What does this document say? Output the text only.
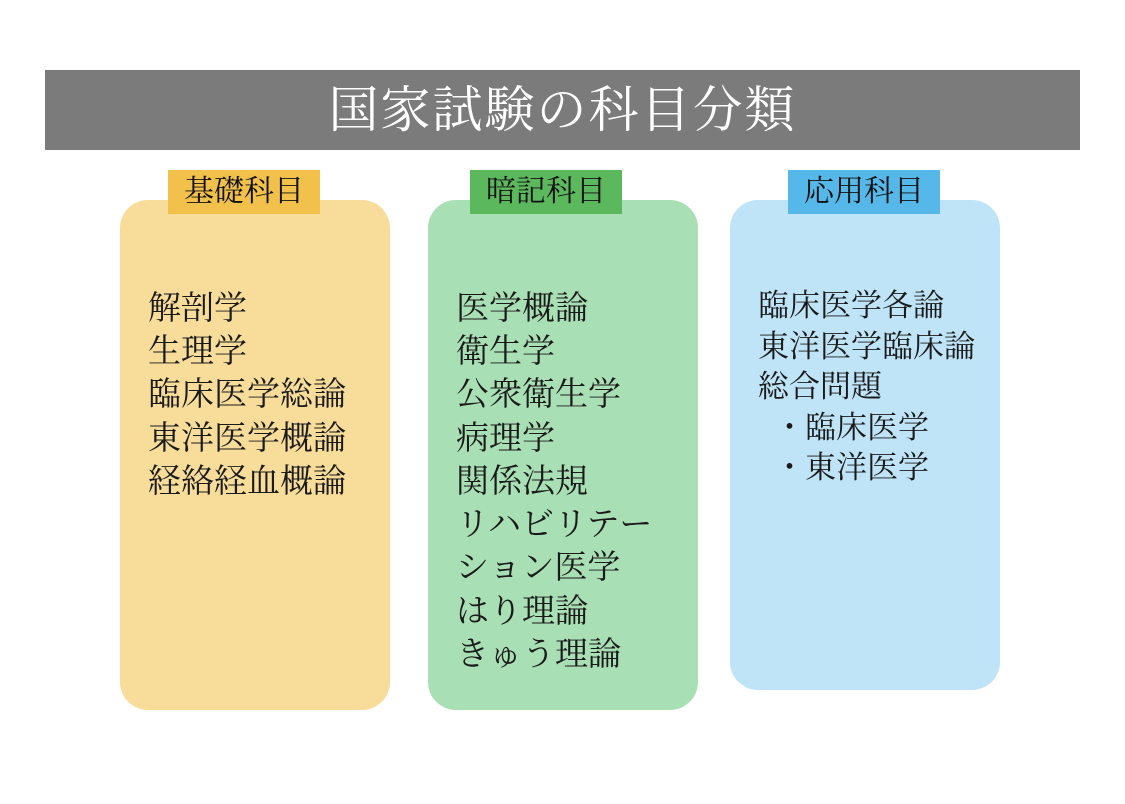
国家試験の科目分類
解剖学
生理学
臨床医学総論
東洋医学概論
経絡経血概論
基礎科目
医学概論
衛生学
公衆衛生学
病理学
関係法規
リハビリテー
ション医学
はり理論
きゅう理論
暗記科目
臨床医学各論
東洋医学臨床論
総合問題
・臨床医学
・東洋医学
応用科目
